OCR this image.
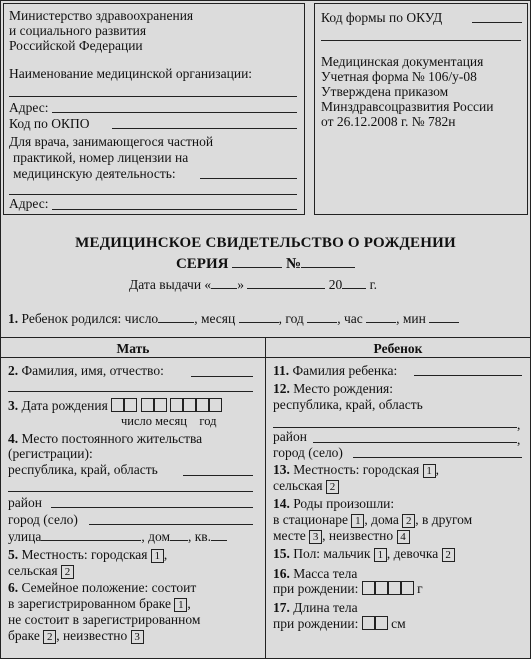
Министерство здравоохранения
и социального развития
Российской Федерации
Наименование медицинской организации:
Адрес:
Код по ОКПО
Для врача, занимающегося частной
практикой, номер лицензии на
медицинскую деятельность:
Адрес:
Код формы по ОКУД
Медицинская документация
Учетная форма № 106/у-08
Утверждена приказом
Минздравсоцразвития России
от 26.12.2008 г. № 782н
МЕДИЦИНСКОЕ СВИДЕТЕЛЬСТВО О РОЖДЕНИИ
СЕРИЯ	№
Дата выдачи « »	20 г.
1. Ребенок родился: число	, месяц	, год , час , мин
Мать	Ребенок
2. Фамилия, имя, отчество:
3. Дата рождения
число месяц    год
4. Место постоянного жительства
(регистрации):
республика, край, область
район
город (село)
улица	, дом , кв.
5. Местность: городская 1 ,
сельская 2
6. Семейное положение: состоит
в зарегистрированном браке 1 ,
не состоит в зарегистрированном
браке 2 , неизвестно 3
11. Фамилия ребенка:
12. Место рождения:
республика, край, область
,
район	,
город (село)
13. Местность: городская 1 ,
сельская 2
14. Роды произошли:
в стационаре 1 , дома 2 , в другом
месте 3 , неизвестно 4
15. Пол: мальчик 1 , девочка 2
16. Масса тела
при рождении:	г
17. Длина тела
при рождении: см
